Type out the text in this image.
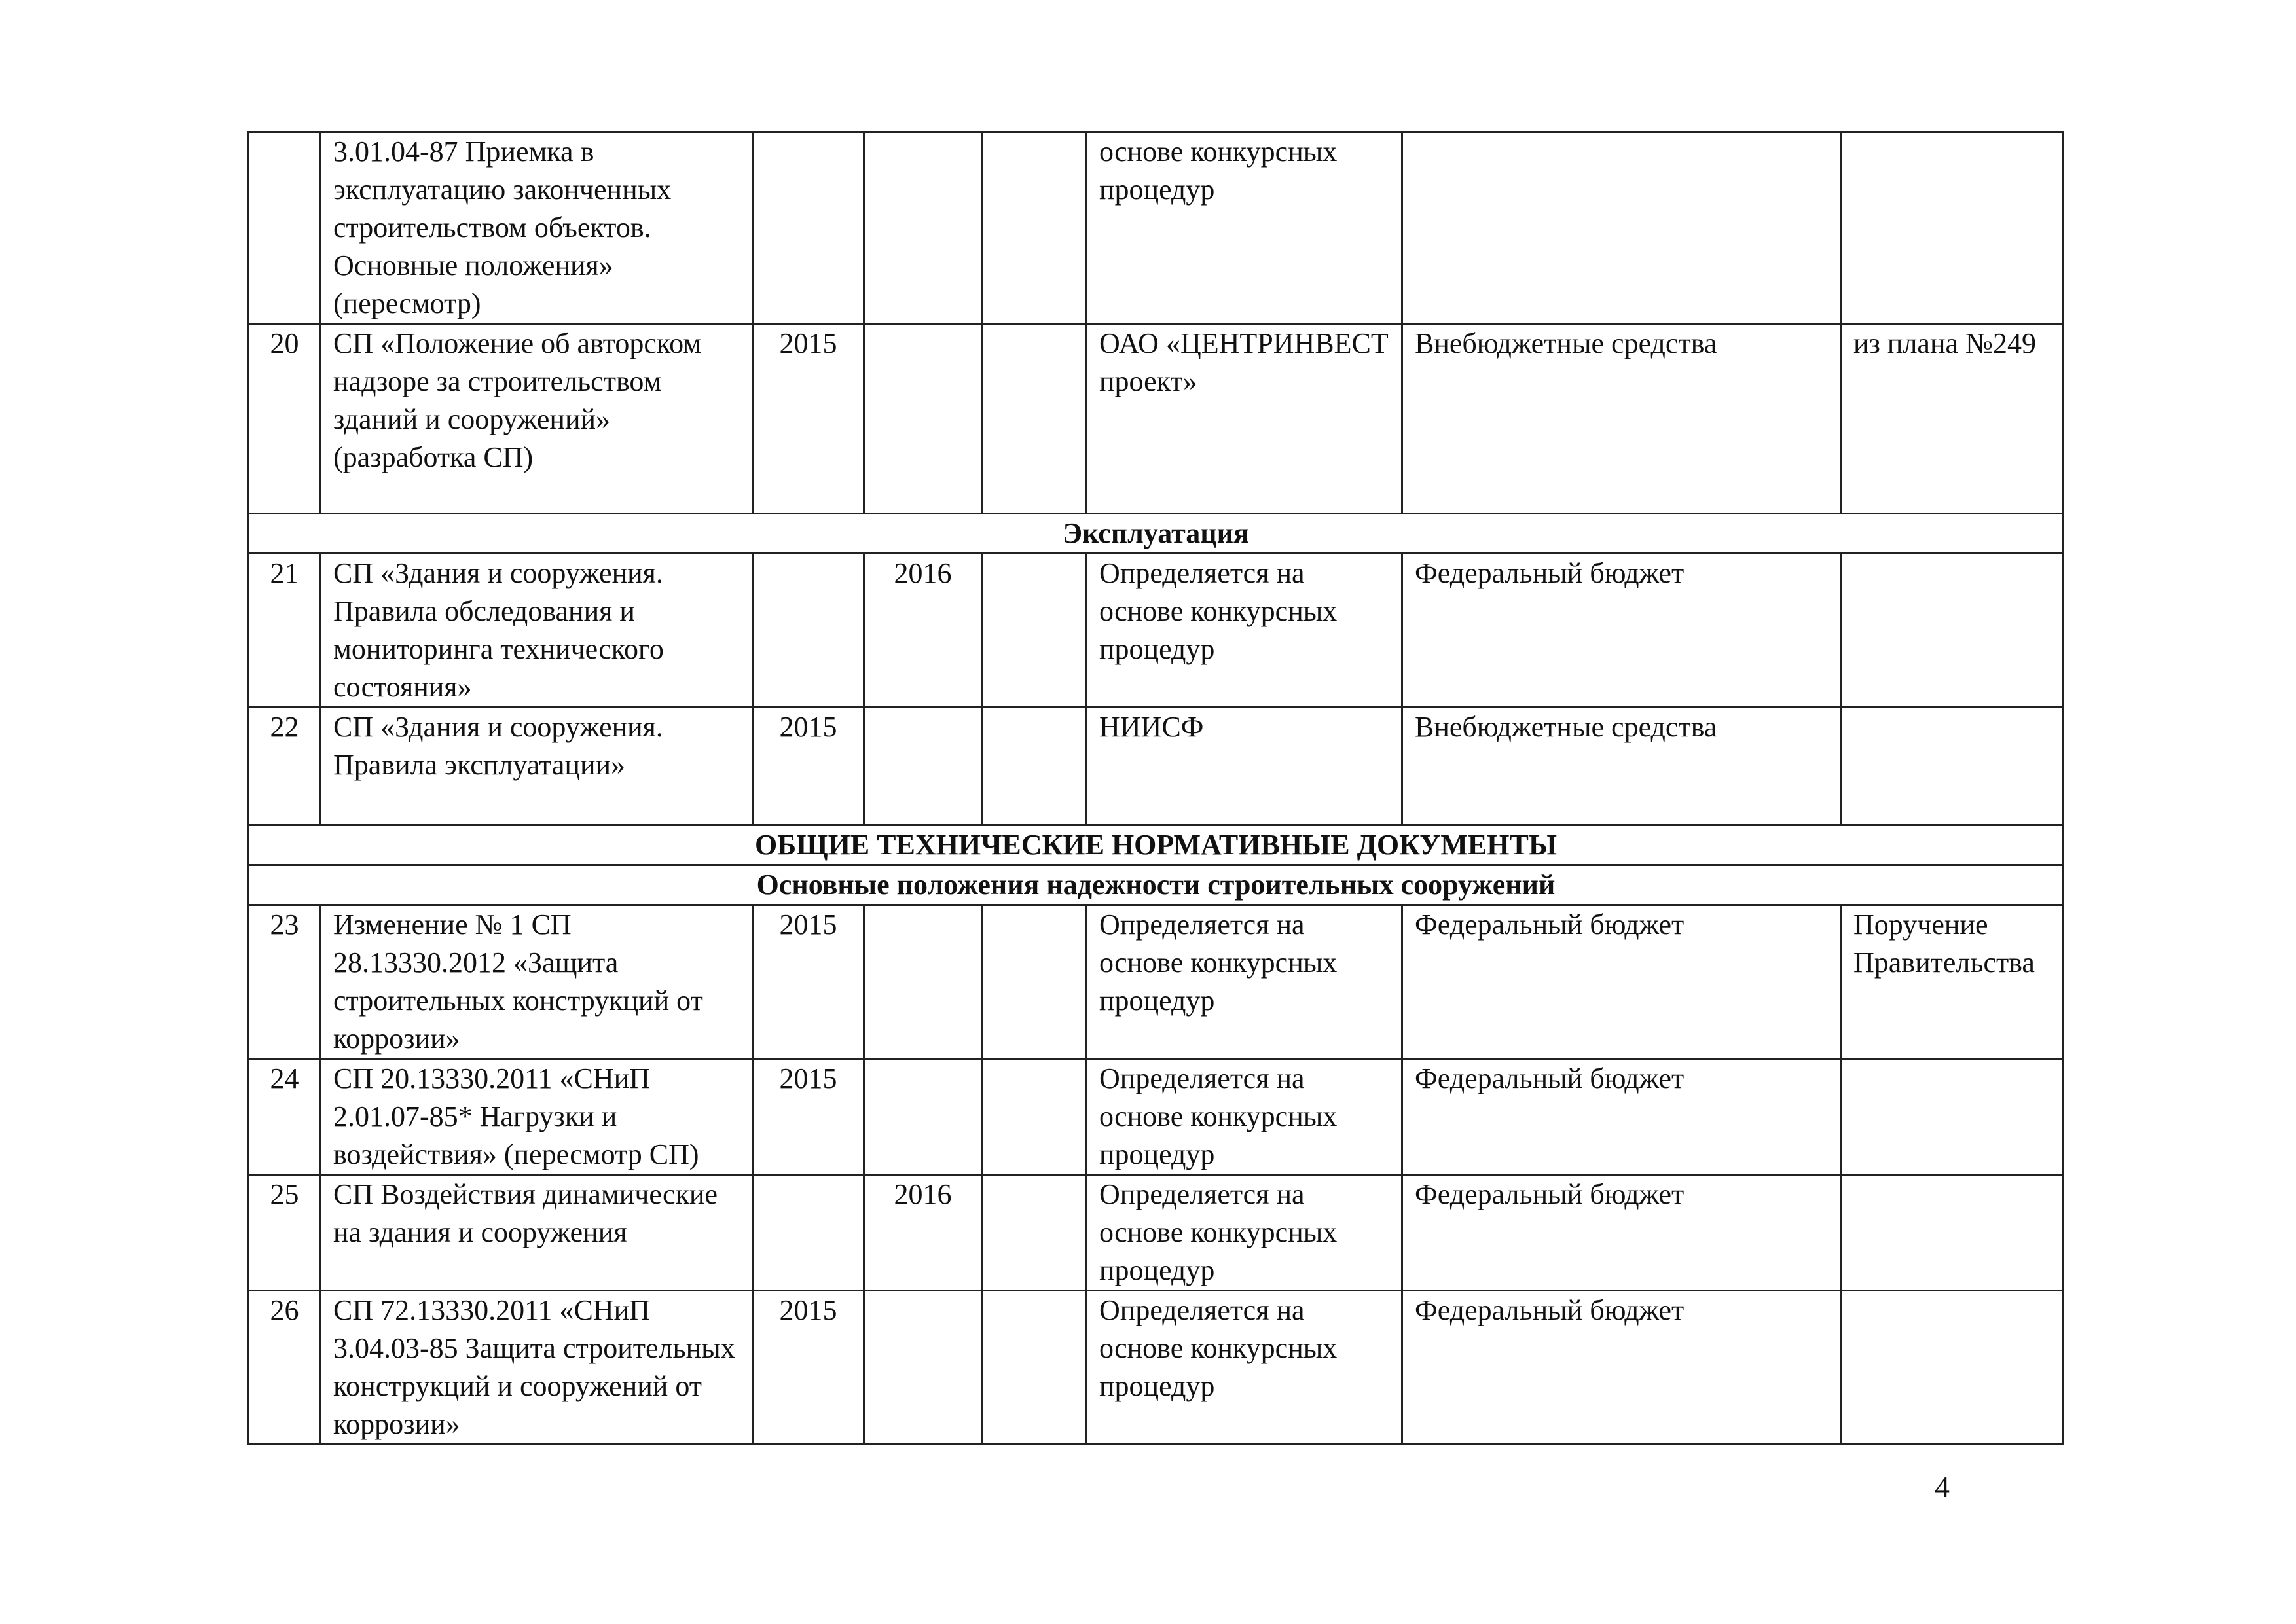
	3.01.04-87 Приемка в эксплуатацию законченных строительством объектов. Основные положения» (пересмотр)				основе конкурсных процедур		
20	СП «Положение об авторском надзоре за строительством зданий и сооружений» (разработка СП)	2015			ОАО «ЦЕНТРИНВЕСТ проект»	Внебюджетные средства	из плана №249
Эксплуатация							
21	СП «Здания и сооружения. Правила обследования и мониторинга технического состояния»		2016		Определяется на основе конкурсных процедур	Федеральный бюджет	
22	СП «Здания и сооружения. Правила эксплуатации»	2015			НИИСФ	Внебюджетные средства	
ОБЩИЕ ТЕХНИЧЕСКИЕ НОРМАТИВНЫЕ ДОКУМЕНТЫ							
Основные положения надежности строительных сооружений							
23	Изменение № 1 СП 28.13330.2012 «Защита строительных конструкций от коррозии»	2015			Определяется на основе конкурсных процедур	Федеральный бюджет	Поручение Правительства
24	СП 20.13330.2011 «СНиП 2.01.07-85* Нагрузки и воздействия» (пересмотр СП)	2015			Определяется на основе конкурсных процедур	Федеральный бюджет	
25	СП Воздействия динамические на здания и сооружения		2016		Определяется на основе конкурсных процедур	Федеральный бюджет	
26	СП 72.13330.2011 «СНиП 3.04.03-85 Защита строительных конструкций и сооружений от коррозии»	2015			Определяется на основе конкурсных процедур	Федеральный бюджет	
4
